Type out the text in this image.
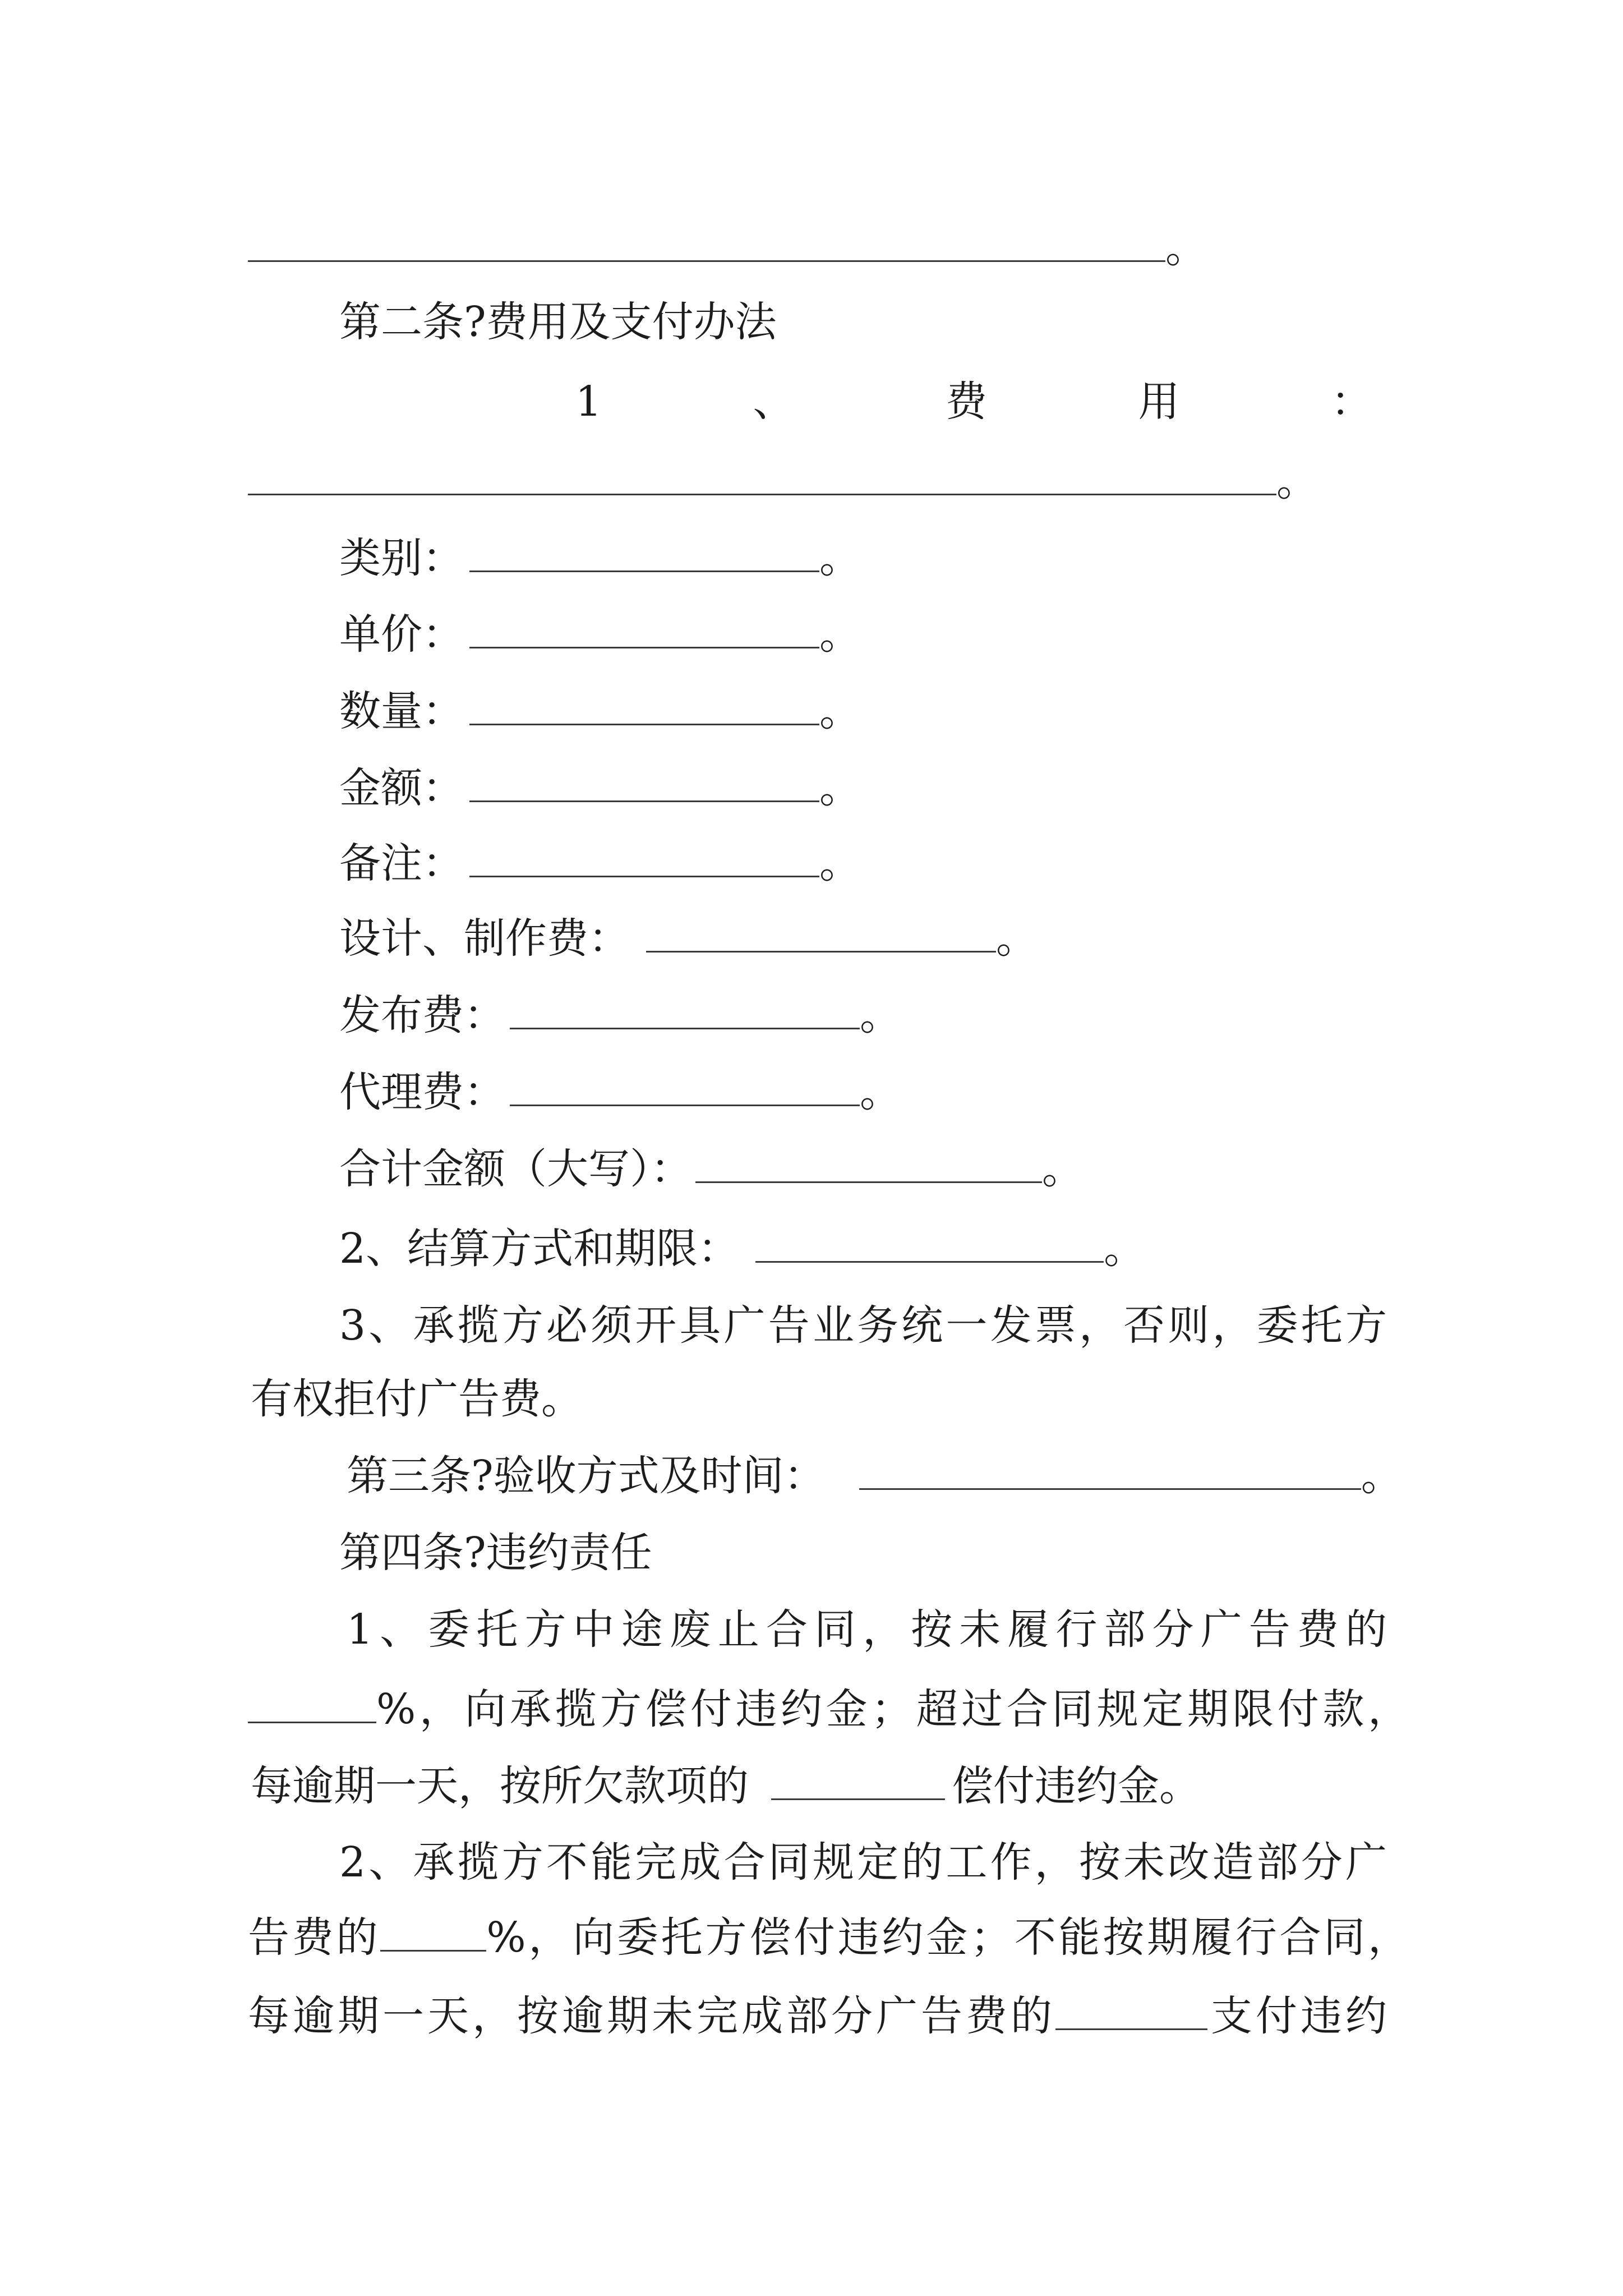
。
第二条?费用及支付办法
1、费用：
。
类别：	。
单价：	。
数量：	。
金额：	。
备注：	。
设计、制作费：	。
发布费：	。
代理费：	。
合计金额（大写）：	。
2、结算方式和期限：	。
3、承揽方必须开具广告业务统一发票，否则，委托方
有权拒付广告费。
第三条?验收方式及时间：	。
第四条?违约责任
1、委托方中途废止合同，按未履行部分广告费的
%，向承揽方偿付违约金；超过合同规定期限付款，
每逾期一天，按所欠款项的	偿付违约金。
2、承揽方不能完成合同规定的工作，按未改造部分广
告费的	%，向委托方偿付违约金；不能按期履行合同，
每逾期一天，按逾期未完成部分广告费的	支付违约
